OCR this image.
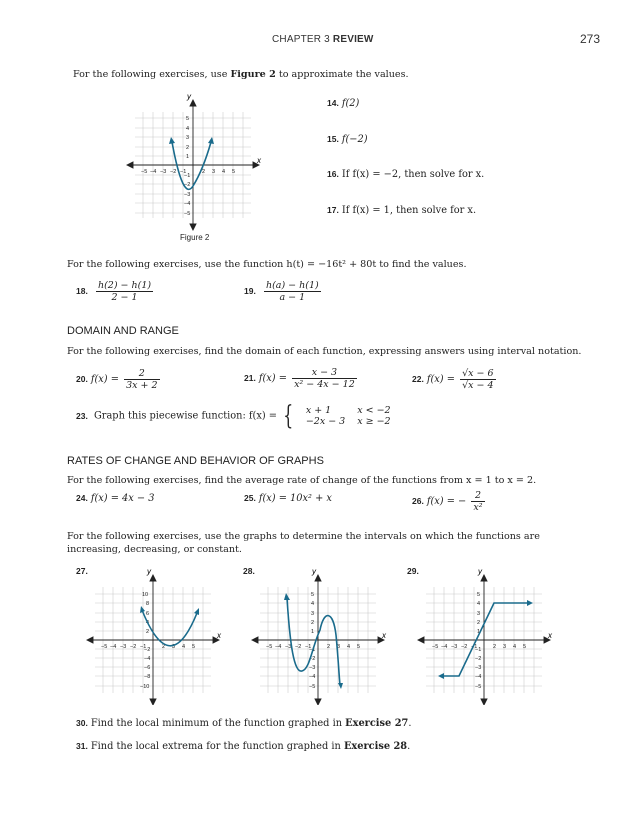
CHAPTER 3 REVIEW	273
For the following exercises, use Figure 2 to approximate the values.
y
x
−5 −4 −3 −2 −1	2 3 4 5
5
4
3
2
1
−1
−2
−3
−4
−5
Figure 2
14. f(2)
15. f(−2)
16. If f(x) = −2, then solve for x.
17. If f(x) = 1, then solve for x.
For the following exercises, use the function h(t) = −16t² + 80t to find the values.
18. $\frac{h(2) - h(1)}{2 - 1}$	19. $\frac{h(a) - h(1)}{a - 1}$
DOMAIN AND RANGE
For the following exercises, find the domain of each function, expressing answers using interval notation.
20. $f(x) = \frac{2}{3x + 2}$	21. $f(x) = \frac{x - 3}{\text{x² − 4x − 12}}$	22. $f(x) = \frac{√x - 6}{√x - 4}$
23. Graph this piecewise function: f(x) = { x + 1	x < −2
−2x − 3	x ≥ −2
RATES OF CHANGE AND BEHAVIOR OF GRAPHS
For the following exercises, find the average rate of change of the functions from x = 1 to x = 2.
24. f(x) = 4x − 3	25. f(x) = 10x² + x	26. f(x) = − $\frac{2}{\text{x²}}$
For the following exercises, use the graphs to determine the intervals on which the functions are increasing, decreasing, or constant.
27.	y
x
−5 −4 −3 −2 −1	2 3 4 5
10
8
6
4
2
−2
−4
−6
−8
−10
28.	y
x
−5 −4 −3 −2 −1	2 3 4 5
5
4
3
2
1
−1
−2
−3
−4
−5
29.	y
x
−5 −4 −3 −2 −1	2 3 4 5
5
4
3
2
1
−1
−2
−3
−4
−5
30. Find the local minimum of the function graphed in Exercise 27.
31. Find the local extrema for the function graphed in Exercise 28.
